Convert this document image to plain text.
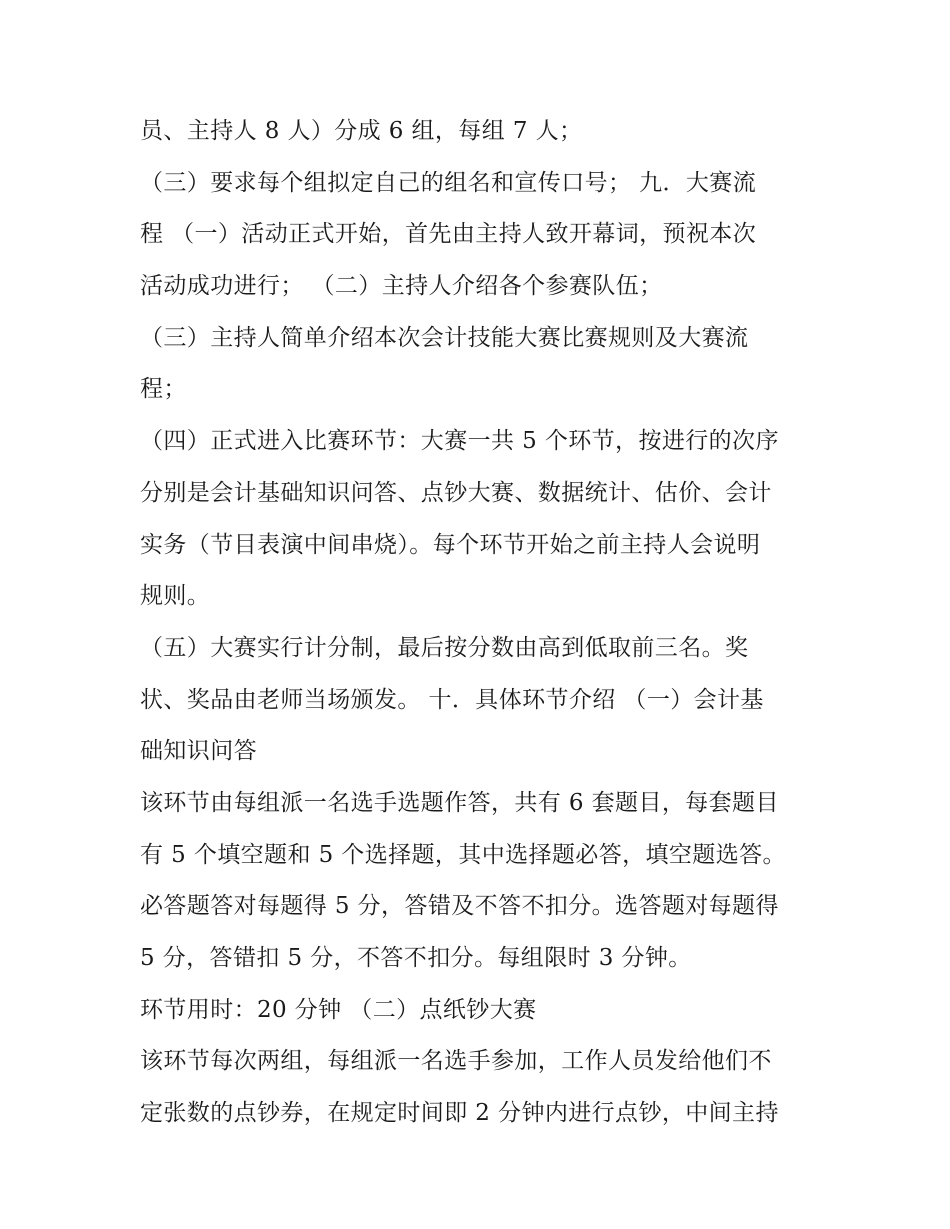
员、主持人 8 人）分成 6 组，每组 7 人；
（三）要求每个组拟定自己的组名和宣传口号； 九．大赛流
程 （一）活动正式开始，首先由主持人致开幕词，预祝本次
活动成功进行； （二）主持人介绍各个参赛队伍；
（三）主持人简单介绍本次会计技能大赛比赛规则及大赛流
程；
（四）正式进入比赛环节：大赛一共 5 个环节，按进行的次序
分别是会计基础知识问答、点钞大赛、数据统计、估价、会计
实务（节目表演中间串烧）。每个环节开始之前主持人会说明
规则。
（五）大赛实行计分制，最后按分数由高到低取前三名。奖
状、奖品由老师当场颁发。 十．具体环节介绍 （一）会计基
础知识问答
该环节由每组派一名选手选题作答，共有 6 套题目，每套题目
有 5 个填空题和 5 个选择题，其中选择题必答，填空题选答。
必答题答对每题得 5 分，答错及不答不扣分。选答题对每题得
5 分，答错扣 5 分，不答不扣分。每组限时 3 分钟。
环节用时：20 分钟 （二）点纸钞大赛
该环节每次两组，每组派一名选手参加，工作人员发给他们不
定张数的点钞券，在规定时间即 2 分钟内进行点钞，中间主持
